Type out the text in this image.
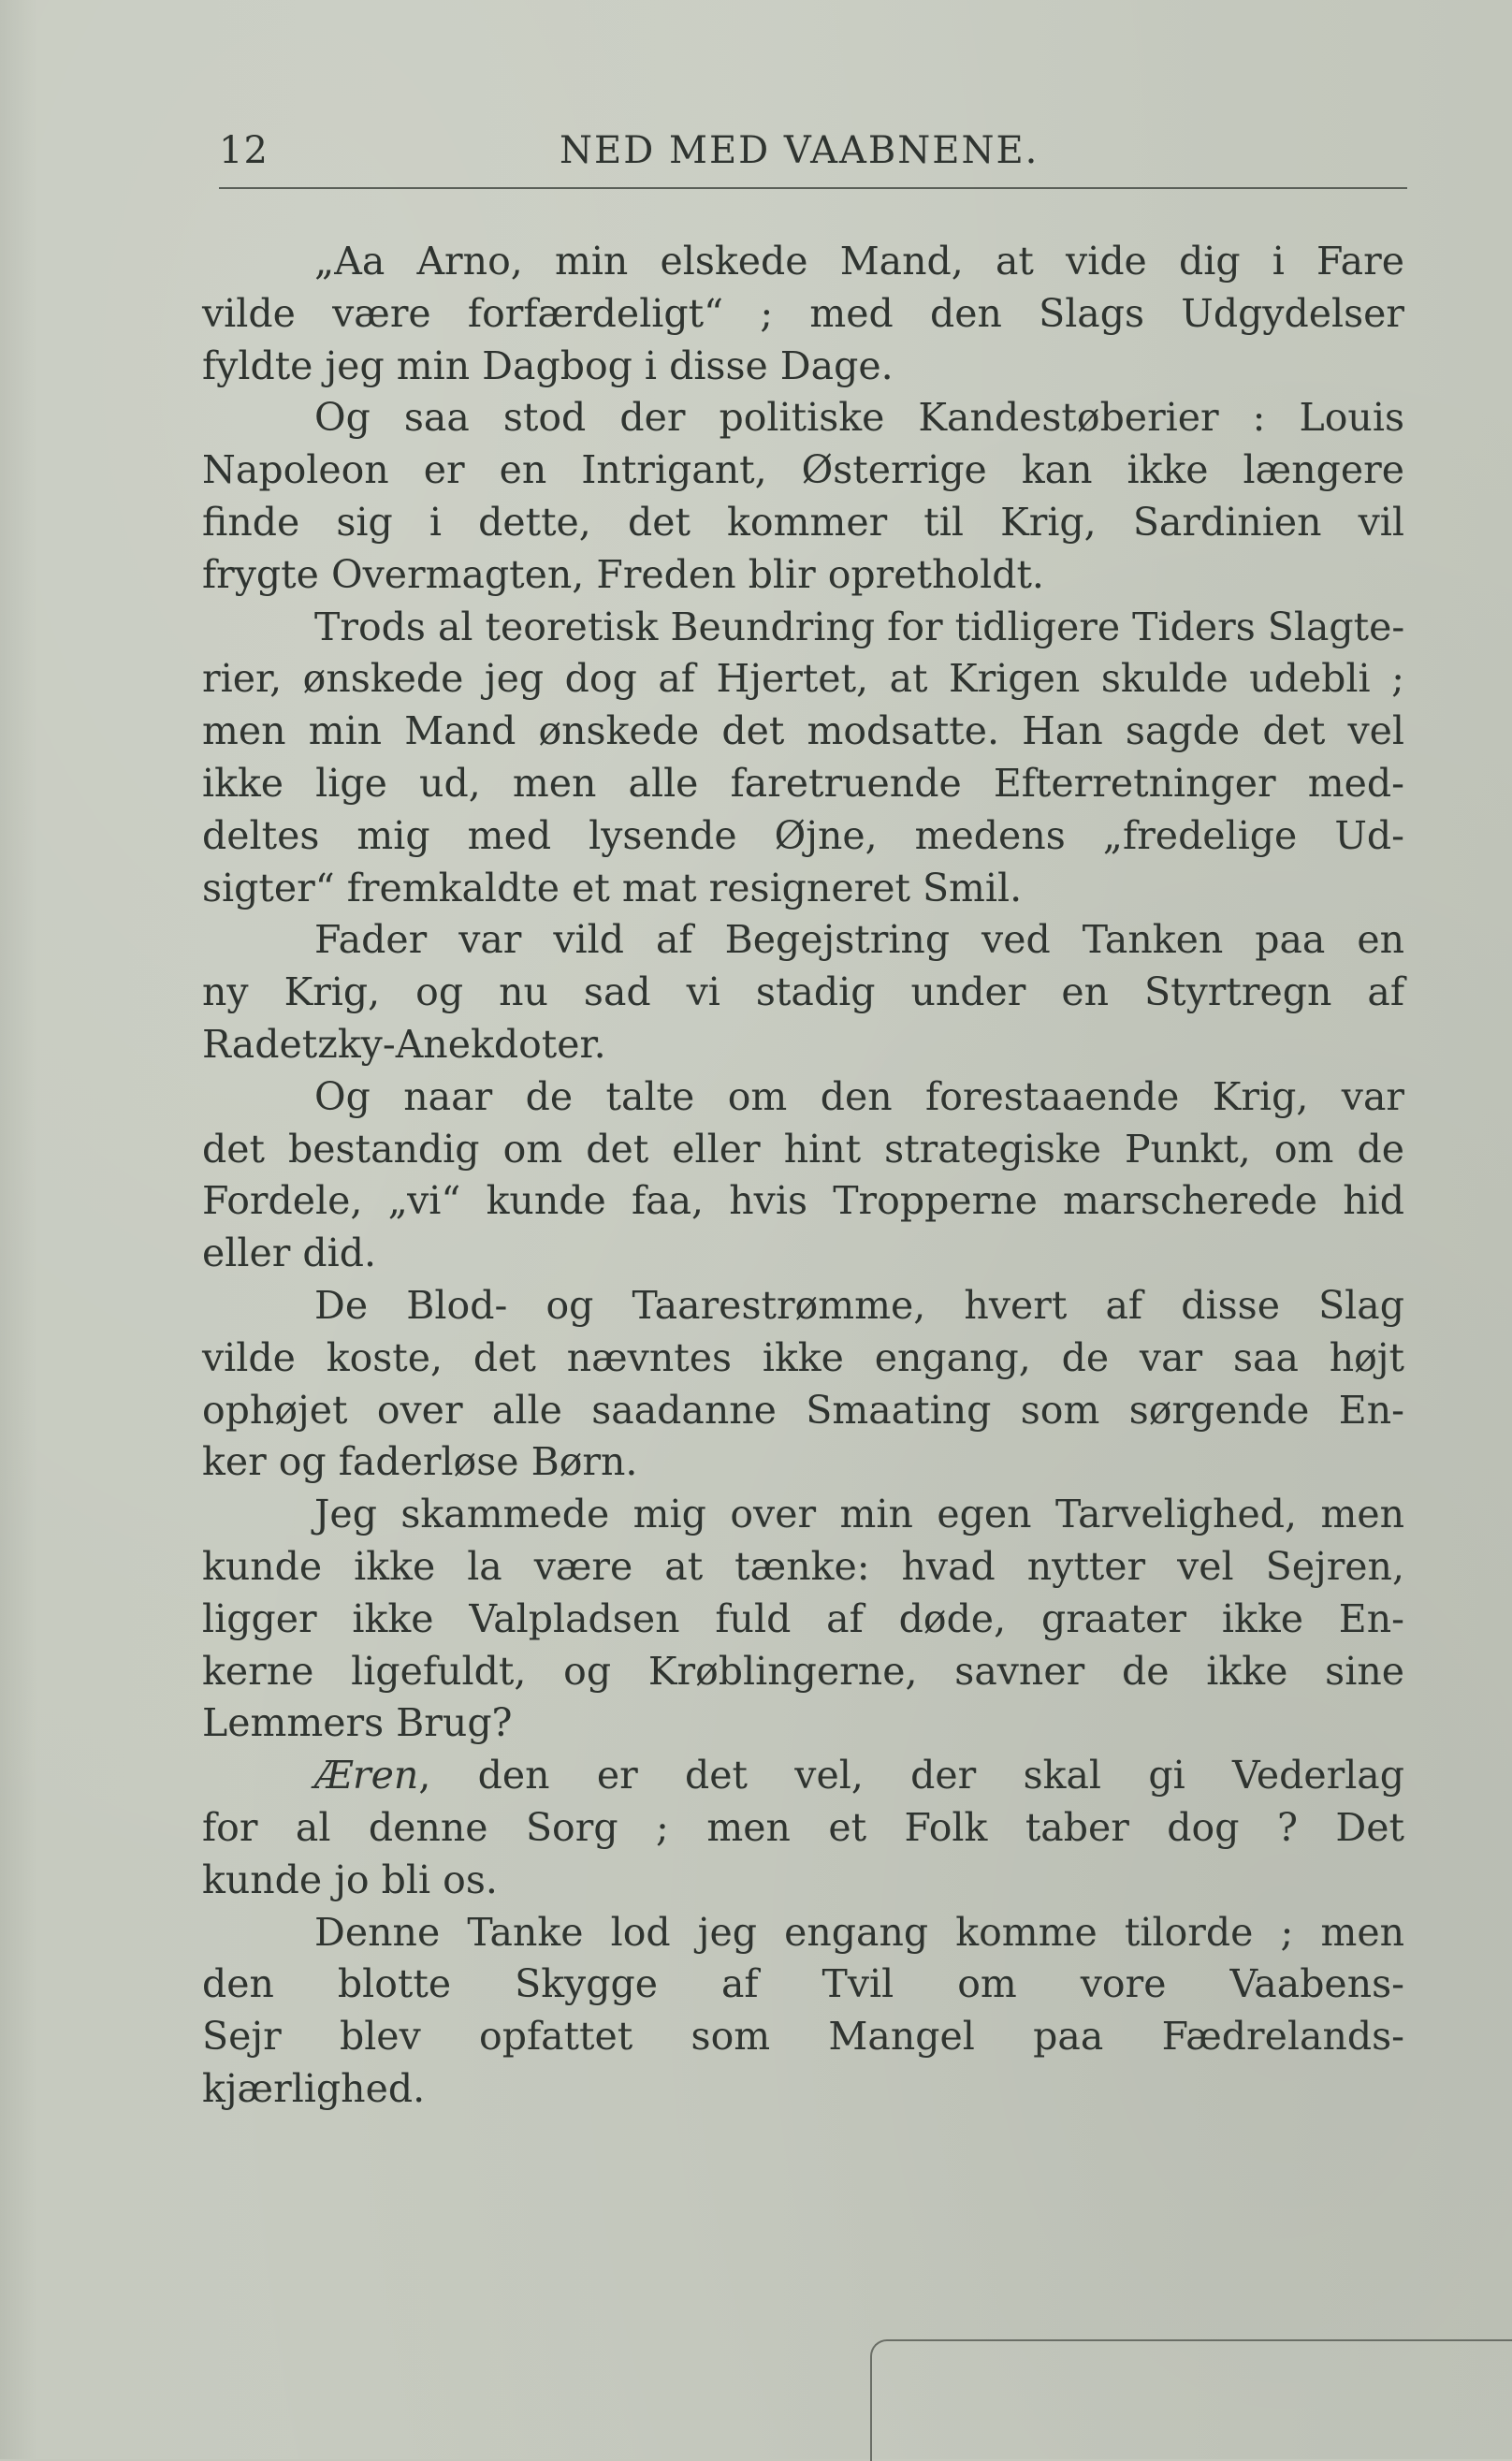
12	NED MED VAABNENE.
„Aa Arno, min elskede Mand, at vide dig i Fare
vilde være forfærdeligt“ ; med den Slags Udgydelser
fyldte jeg min Dagbog i disse Dage.
Og saa stod der politiske Kandestøberier : Louis
Napoleon er en Intrigant, Østerrige kan ikke længere
finde sig i dette, det kommer til Krig, Sardinien vil
frygte Overmagten, Freden blir opretholdt.
Trods al teoretisk Beundring for tidligere Tiders Slagte-
rier, ønskede jeg dog af Hjertet, at Krigen skulde udebli ;
men min Mand ønskede det modsatte. Han sagde det vel
ikke lige ud, men alle faretruende Efterretninger med-
deltes mig med lysende Øjne, medens „fredelige Ud-
sigter“ fremkaldte et mat resigneret Smil.
Fader var vild af Begejstring ved Tanken paa en
ny Krig, og nu sad vi stadig under en Styrtregn af
Radetzky-Anekdoter.
Og naar de talte om den forestaaende Krig, var
det bestandig om det eller hint strategiske Punkt, om de
Fordele, „vi“ kunde faa, hvis Tropperne marscherede hid
eller did.
De Blod- og Taarestrømme, hvert af disse Slag
vilde koste, det nævntes ikke engang, de var saa højt
ophøjet over alle saadanne Smaating som sørgende En-
ker og faderløse Børn.
Jeg skammede mig over min egen Tarvelighed, men
kunde ikke la være at tænke: hvad nytter vel Sejren,
ligger ikke Valpladsen fuld af døde, graater ikke En-
kerne ligefuldt, og Krøblingerne, savner de ikke sine
Lemmers Brug?
Æren, den er det vel, der skal gi Vederlag
for al denne Sorg ; men et Folk taber dog ? Det
kunde jo bli os.
Denne Tanke lod jeg engang komme tilorde ; men
den blotte Skygge af Tvil om vore Vaabens-
Sejr blev opfattet som Mangel paa Fædrelands-
kjærlighed.
